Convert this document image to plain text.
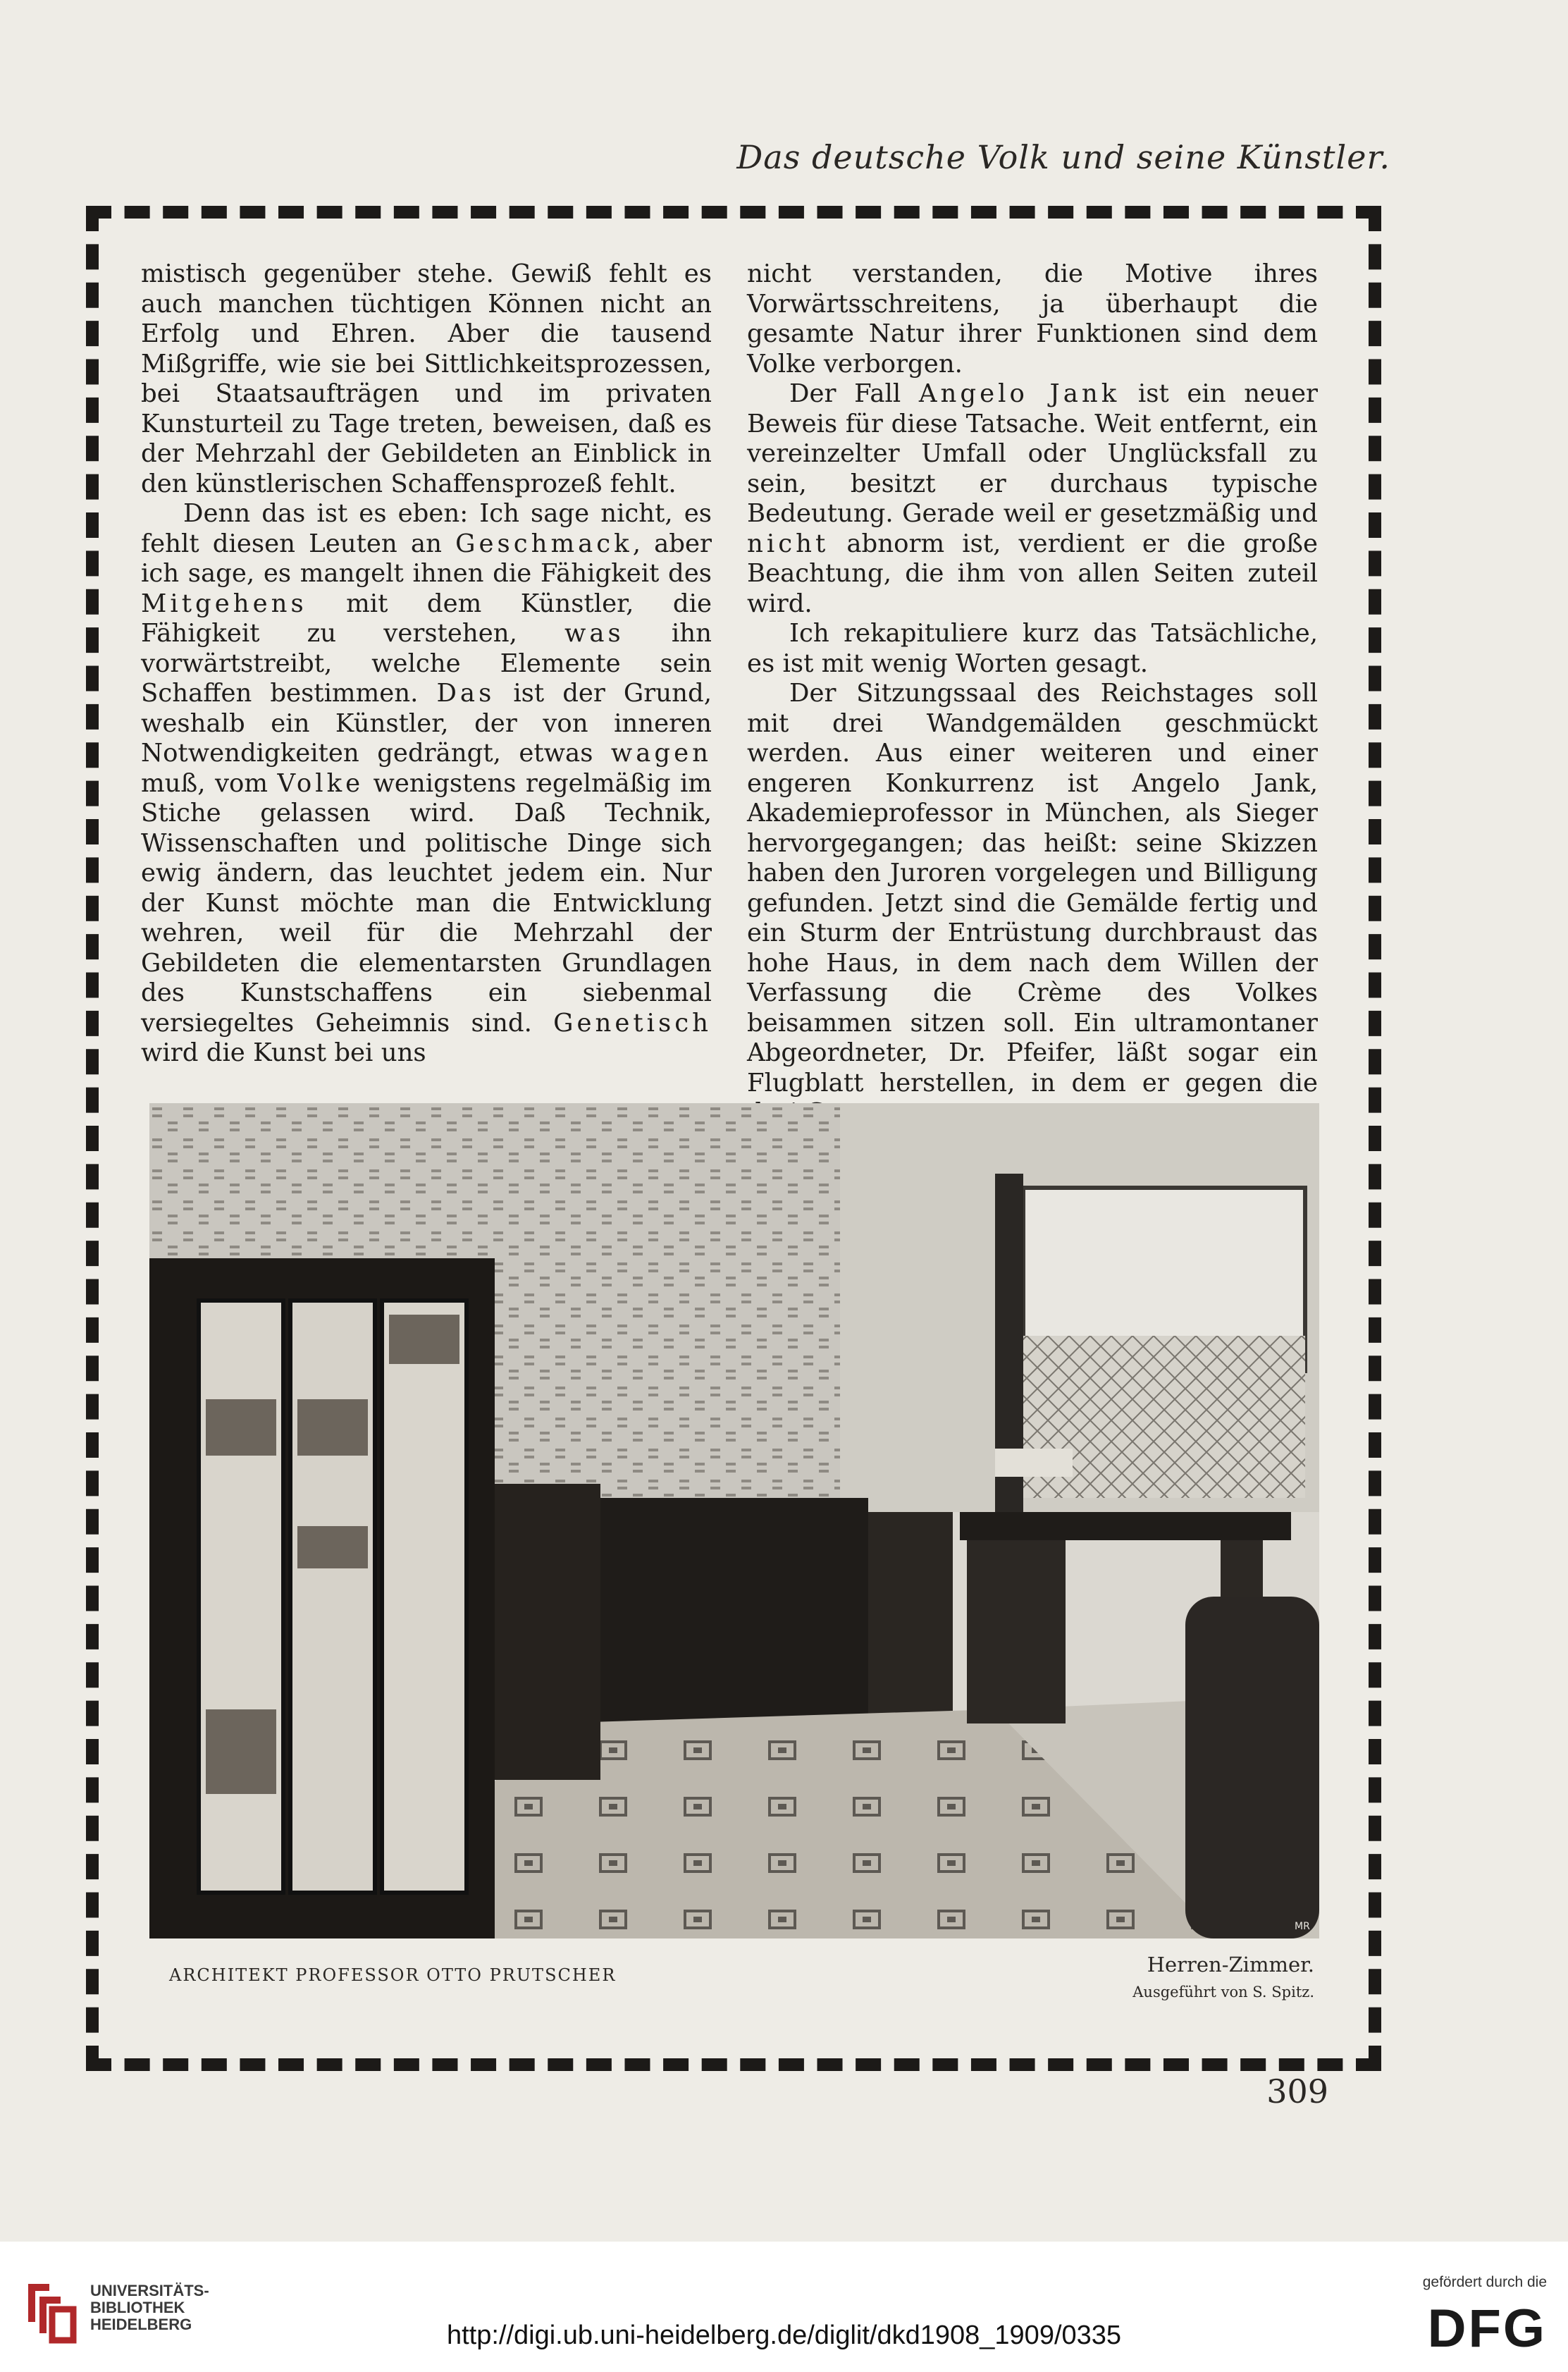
Das deutsche Volk und seine Künstler.

mistisch gegenüber stehe. Gewiß fehlt es auch manchen tüchtigen Können nicht an Erfolg und Ehren. Aber die tausend Mißgriffe, wie sie bei Sittlichkeitsprozessen, bei Staatsaufträgen und im privaten Kunsturteil zu Tage treten, beweisen, daß es der Mehrzahl der Gebildeten an Einblick in den künstlerischen Schaffensprozeß fehlt.

Denn das ist es eben: Ich sage nicht, es fehlt diesen Leuten an Geschmack, aber ich sage, es mangelt ihnen die Fähigkeit des Mitgehens mit dem Künstler, die Fähigkeit zu verstehen, was ihn vorwärtstreibt, welche Elemente sein Schaffen bestimmen. Das ist der Grund, weshalb ein Künstler, der von inneren Notwendigkeiten gedrängt, etwas wagen muß, vom Volke wenigstens regelmäßig im Stiche gelassen wird. Daß Technik, Wissenschaften und politische Dinge sich ewig ändern, das leuchtet jedem ein. Nur der Kunst möchte man die Entwicklung wehren, weil für die Mehrzahl der Gebildeten die elementarsten Grundlagen des Kunstschaffens ein siebenmal versiegeltes Geheimnis sind. Genetisch wird die Kunst bei uns

nicht verstanden, die Motive ihres Vorwärtsschreitens, ja überhaupt die gesamte Natur ihrer Funktionen sind dem Volke verborgen.

Der Fall Angelo Jank ist ein neuer Beweis für diese Tatsache. Weit entfernt, ein vereinzelter Umfall oder Unglücksfall zu sein, besitzt er durchaus typische Bedeutung. Gerade weil er gesetzmäßig und nicht abnorm ist, verdient er die große Beachtung, die ihm von allen Seiten zuteil wird.

Ich rekapituliere kurz das Tatsächliche, es ist mit wenig Worten gesagt.

Der Sitzungssaal des Reichstages soll mit drei Wandgemälden geschmückt werden. Aus einer weiteren und einer engeren Konkurrenz ist Angelo Jank, Akademieprofessor in München, als Sieger hervorgegangen; das heißt: seine Skizzen haben den Juroren vorgelegen und Billigung gefunden. Jetzt sind die Gemälde fertig und ein Sturm der Entrüstung durchbraust das hohe Haus, in dem nach dem Willen der Verfassung die Crème des Volkes beisammen sitzen soll. Ein ultramontaner Abgeordneter, Dr. Pfeifer, läßt sogar ein Flugblatt herstellen, in dem er gegen die

MR
ARCHITEKT PROFESSOR OTTO PRUTSCHER	Herren-Zimmer.
Ausgeführt von S. Spitz.
309
UNIVERSITÄTS-
BIBLIOTHEK
HEIDELBERG	http://digi.ub.uni-heidelberg.de/diglit/dkd1908_1909/0335
gefördert durch die
DFG
